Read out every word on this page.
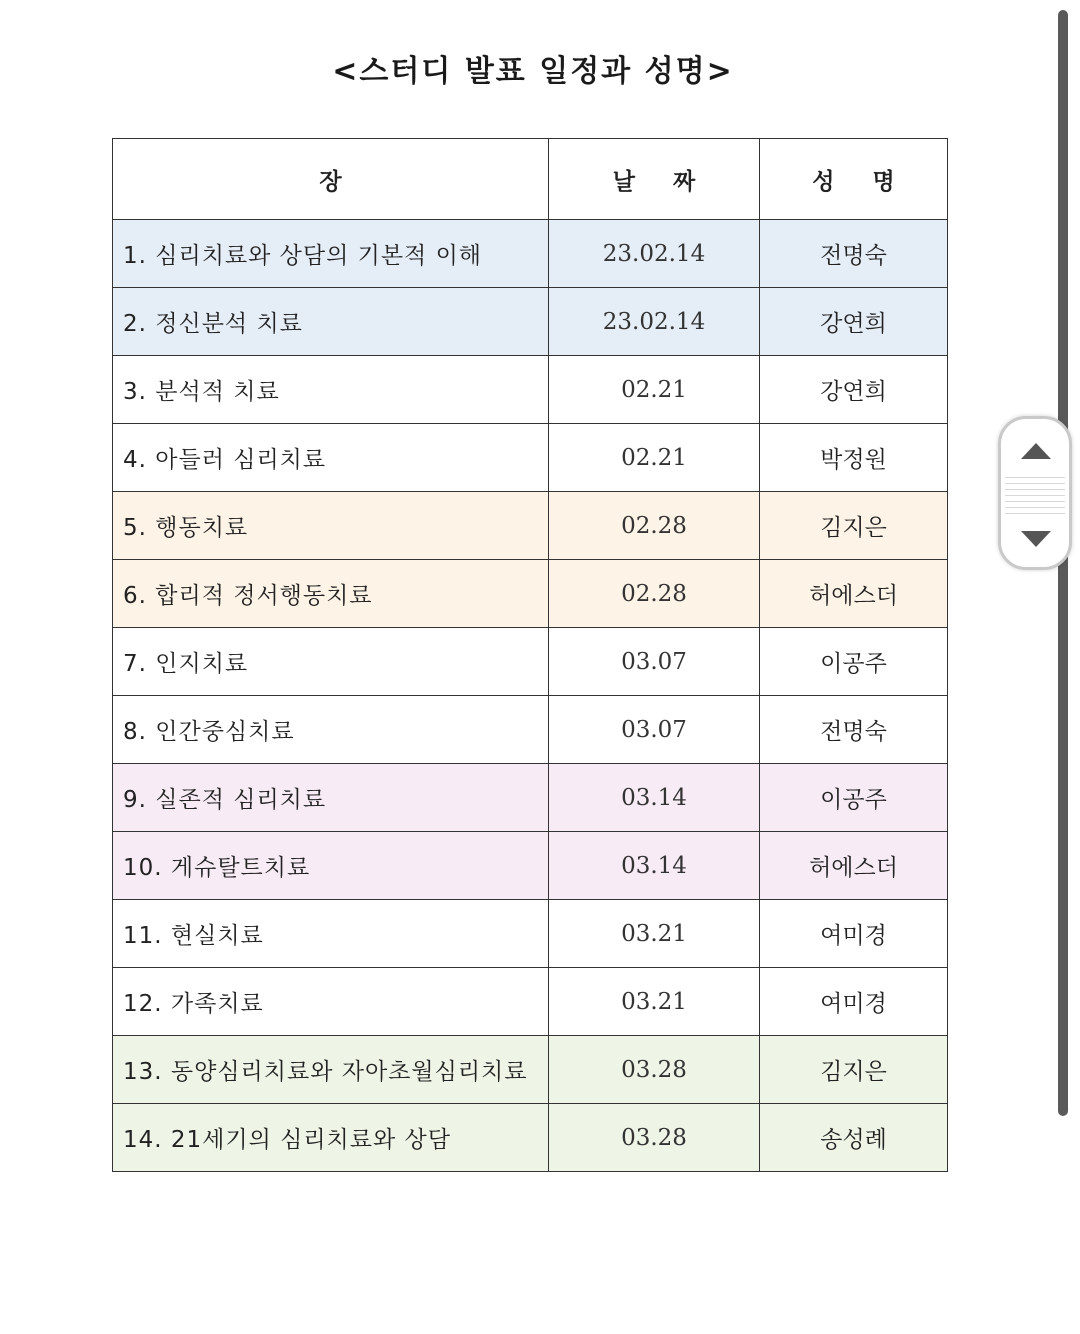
<스터디 발표 일정과 성명>
장	날 짜	성 명
1. 심리치료와 상담의 기본적 이해	23.02.14	전명숙
2. 정신분석 치료	23.02.14	강연희
3. 분석적 치료	02.21	강연희
4. 아들러 심리치료	02.21	박정원
5. 행동치료	02.28	김지은
6. 합리적 정서행동치료	02.28	허에스더
7. 인지치료	03.07	이공주
8. 인간중심치료	03.07	전명숙
9. 실존적 심리치료	03.14	이공주
10. 게슈탈트치료	03.14	허에스더
11. 현실치료	03.21	여미경
12. 가족치료	03.21	여미경
13. 동양심리치료와 자아초월심리치료	03.28	김지은
14. 21세기의 심리치료와 상담	03.28	송성례
